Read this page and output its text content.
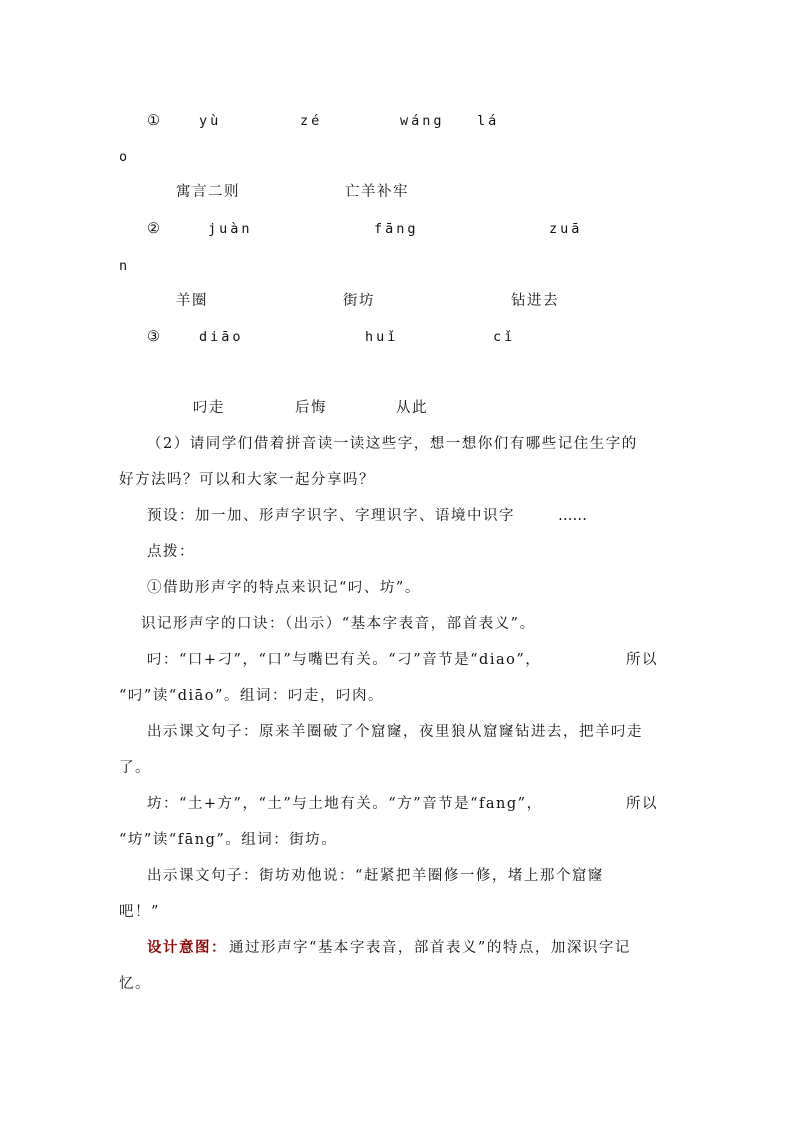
①	yù	zé	wáng lá
o
寓言二则	亡羊补牢
②	juàn	fāng	zuā
n
羊圈	街坊	钻进去
③	diāo	huǐ	cǐ
叼走	后悔	从此
（2）请同学们借着拼音读一读这些字，想一想你们有哪些记住生字的
好方法吗？可以和大家一起分享吗？
预设：加一加、形声字识字、字理识字、语境中识字	……
点拨：
①借助形声字的特点来识记“叼、坊”。
识记形声字的口诀：（出示）“基本字表音，部首表义”。
叼：“口+刁”，“口”与嘴巴有关。“刁”音节是“diao”，	所以
“叼”读“diāo”。组词：叼走，叼肉。
出示课文句子：原来羊圈破了个窟窿，夜里狼从窟窿钻进去，把羊叼走
了。
坊：“土+方”，“土”与土地有关。“方”音节是“fang”，	所以
“坊”读“fāng”。组词：街坊。
出示课文句子：街坊劝他说：“赶紧把羊圈修一修，堵上那个窟窿
吧！”
设计意图： 通过形声字“基本字表音，部首表义”的特点，加深识字记
忆。
